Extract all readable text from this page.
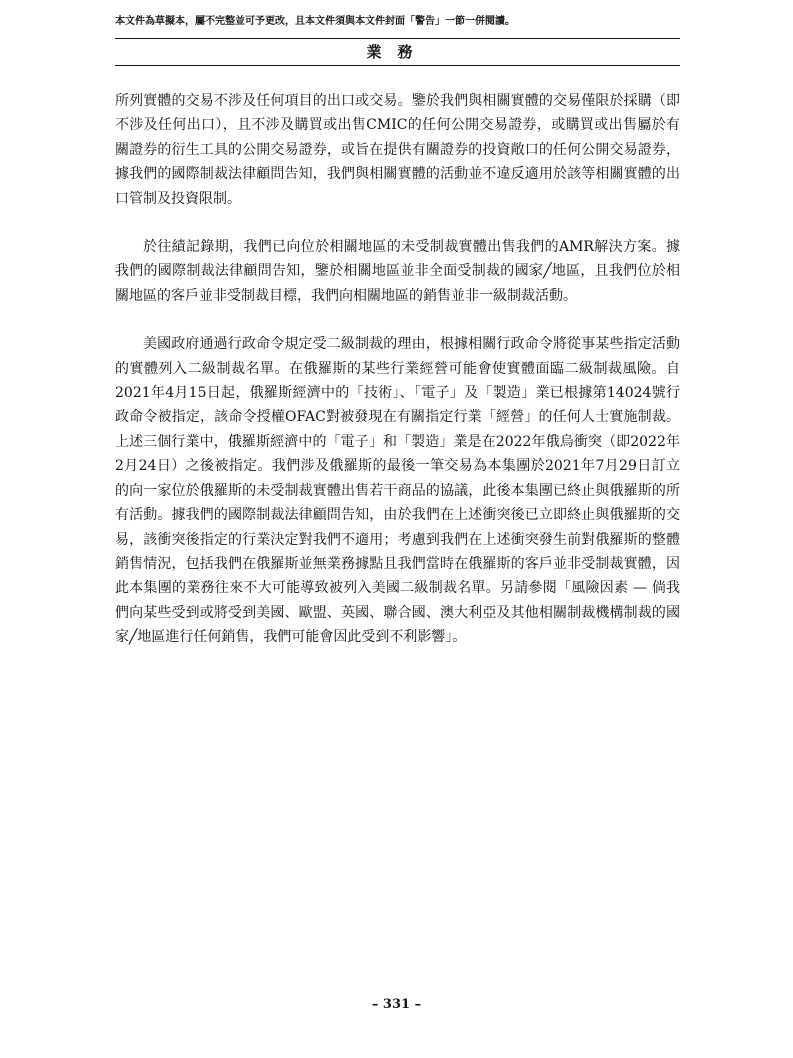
本文件為草擬本，屬不完整並可予更改，且本文件須與本文件封面「警告」一節一併閱讀。
業務

所列實體的交易不涉及任何項目的出口或交易。鑒於我們與相關實體的交易僅限於採購（即不涉及任何出口），且不涉及購買或出售CMIC的任何公開交易證券，或購買或出售屬於有關證券的衍生工具的公開交易證券，或旨在提供有關證券的投資敞口的任何公開交易證券，據我們的國際制裁法律顧問告知，我們與相關實體的活動並不違反適用於該等相關實體的出口管制及投資限制。

於往績記錄期，我們已向位於相關地區的未受制裁實體出售我們的AMR解決方案。據我們的國際制裁法律顧問告知，鑒於相關地區並非全面受制裁的國家╱地區，且我們位於相關地區的客戶並非受制裁目標，我們向相關地區的銷售並非一級制裁活動。

美國政府通過行政命令規定受二級制裁的理由，根據相關行政命令將從事某些指定活動的實體列入二級制裁名單。在俄羅斯的某些行業經營可能會使實體面臨二級制裁風險。自2021年4月15日起，俄羅斯經濟中的「技術」、「電子」及「製造」業已根據第14024號行政命令被指定，該命令授權OFAC對被發現在有關指定行業「經營」的任何人士實施制裁。上述三個行業中，俄羅斯經濟中的「電子」和「製造」業是在2022年俄烏衝突（即2022年2月24日）之後被指定。我們涉及俄羅斯的最後一筆交易為本集團於2021年7月29日訂立的向一家位於俄羅斯的未受制裁實體出售若干商品的協議，此後本集團已終止與俄羅斯的所有活動。據我們的國際制裁法律顧問告知，由於我們在上述衝突後已立即終止與俄羅斯的交易，該衝突後指定的行業決定對我們不適用；考慮到我們在上述衝突發生前對俄羅斯的整體銷售情況，包括我們在俄羅斯並無業務據點且我們當時在俄羅斯的客戶並非受制裁實體，因此本集團的業務往來不大可能導致被列入美國二級制裁名單。另請參閱「風險因素 — 倘我們向某些受到或將受到美國、歐盟、英國、聯合國、澳大利亞及其他相關制裁機構制裁的國家╱地區進行任何銷售，我們可能會因此受到不利影響」。

– 331 –
